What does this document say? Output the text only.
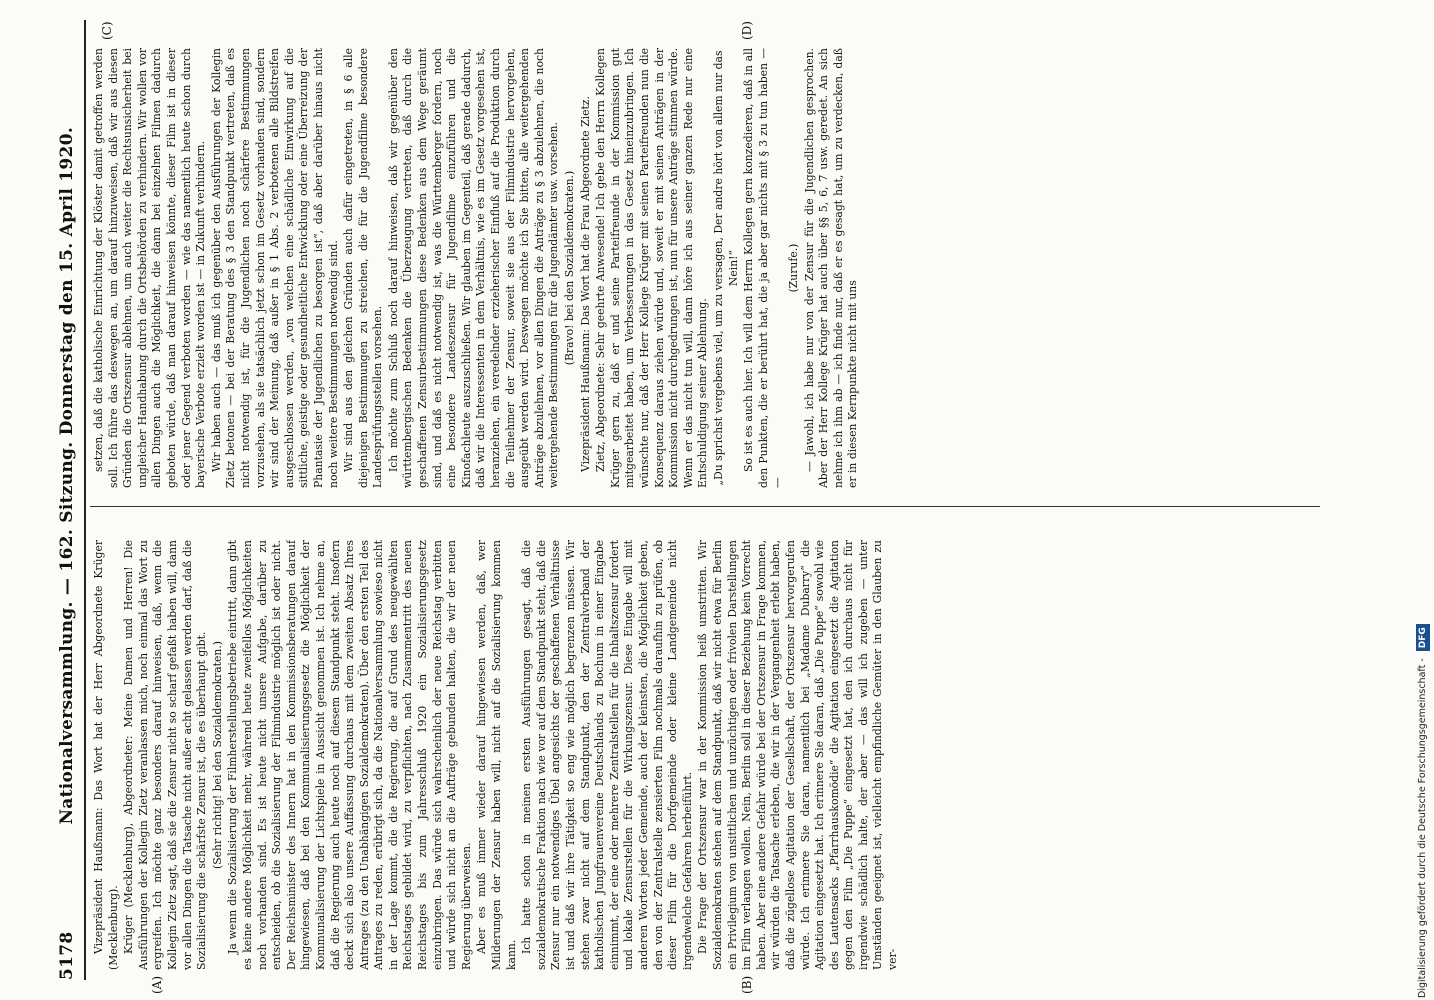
5178
Nationalversammlung. — 162. Sitzung. Donnerstag den 15. April 1920.
(A)	(B)
(C)	(D)

Vizepräsident Haußmann: Das Wort hat der Herr Abgeordnete Krüger (Mecklenburg). Krüger (Mecklenburg), Abgeordneter: Meine Damen und Herren! Die Ausführungen der Kollegin Zietz veranlassen mich, noch einmal das Wort zu ergreifen. Ich möchte ganz besonders darauf hinweisen, daß, wenn die Kollegin Zietz sagt, daß sie die Zensur nicht so scharf gefaßt haben will, dann vor allen Dingen die Tatsache nicht außer acht gelassen werden darf, daß die Sozialisierung die schärfste Zensur ist, die es überhaupt gibt. (Sehr richtig! bei den Sozialdemokraten.) Ja wenn die Sozialisierung der Filmherstellungsbetriebe eintritt, dann gibt es keine andere Möglichkeit mehr, während heute zweifellos Möglichkeiten noch vorhanden sind. Es ist heute nicht unsere Aufgabe, darüber zu entscheiden, ob die Sozialisierung der Filmindustrie möglich ist oder nicht. Der Reichsminister des Innern hat in den Kommissionsberatungen darauf hingewiesen, daß bei den Kommunalisierungsgesetz die Möglichkeit der Kommunalisierung der Lichtspiele in Aussicht genommen ist. Ich nehme an, daß die Regierung auch heute noch auf diesem Standpunkt steht. Insofern deckt sich also unsere Auffassung durchaus mit dem zweiten Absatz Ihres Antrages (zu den Unabhängigen Sozialdemokraten). Über den ersten Teil des Antrages zu reden, erübrigt sich, da die Nationalversammlung sowieso nicht in der Lage kommt, die die Regierung, die auf Grund des neugewählten Reichstages gebildet wird, zu verpflichten, nach Zusammentritt des neuen Reichstages bis zum Jahresschluß 1920 ein Sozialisierungsgesetz einzubringen. Das würde sich wahrscheinlich der neue Reichstag verbitten und würde sich nicht an die Aufträge gebunden halten, die wir der neuen Regierung überweisen. Aber es muß immer wieder darauf hingewiesen werden, daß, wer Milderungen der Zensur haben will, nicht auf die Sozialisierung kommen kann.

Ich hatte schon in meinen ersten Ausführungen gesagt, daß die sozialdemokratische Fraktion nach wie vor auf dem Standpunkt steht, daß die Zensur nur ein notwendiges Übel angesichts der geschaffenen Verhältnisse ist und daß wir ihre Tätigkeit so eng wie möglich begrenzen müssen. Wir stehen zwar nicht auf dem Standpunkt, den der Zentralverband der katholischen Jungfrauenvereine Deutschlands zu Bochum in einer Eingabe einnimmt, der eine oder mehrere Zentralstellen für die Inhaltszensur fordert und lokale Zensurstellen für die Wirkungszensur. Diese Eingabe will mit anderen Worten jeder Gemeinde, auch der kleinsten, die Möglichkeit geben, den von der Zentralstelle zensierten Film nochmals daraufhin zu prüfen, ob dieser Film für die Dorfgemeinde oder kleine Landgemeinde nicht irgendwelche Gefahren herbeiführt. Die Frage der Ortszensur war in der Kommission heiß umstritten. Wir Sozialdemokraten stehen auf dem Standpunkt, daß wir nicht etwa für Berlin ein Privilegium von unsittlichen und unzüchtigen oder frivolen Darstellungen im Film verlangen wollen. Nein, Berlin soll in dieser Beziehung kein Vorrecht haben. Aber eine andere Gefahr würde bei der Ortszensur in Frage kommen, wir würden die Tatsache erleben, die wir in der Vergangenheit erlebt haben, daß die zügellose Agitation der Gesellschaft, der Ortszensur hervorgerufen würde. Ich erinnere Sie daran, namentlich bei „Madame Dubarry“ die Agitation eingesetzt hat. Ich erinnere Sie daran, daß „Die Puppe“ sowohl wie des Lautensacks „Pfarrhauskomödie“ die Agitation eingesetzt die Agitation gegen den Film „Die Puppe“ eingesetzt hat, den ich durchaus nicht für irgendwie schädlich halte, der aber — das will ich zugeben — unter Umständen geeignet ist, vielleicht empfindliche Gemüter in den Glauben zu ver-

setzen, daß die katholische Einrichtung der Klöster damit getroffen werden soll. Ich führe das deswegen an, um darauf hinzuweisen, daß wir aus diesen Gründen die Ortszensur ablehnen, um auch weiter die Rechtsunsicherheit bei ungleicher Handhabung durch die Ortsbehörden zu verhindern. Wir wollen vor allen Dingen auch die Möglichkeit, die dann bei einzelnen Filmen dadurch geboten würde, daß man darauf hinweisen könnte, dieser Film ist in dieser oder jener Gegend verboten worden — wie das namentlich heute schon durch bayerische Verbote erzielt worden ist — in Zukunft verhindern. Wir haben auch — das muß ich gegenüber den Ausführungen der Kollegin Zietz betonen — bei der Beratung des § 3 den Standpunkt vertreten, daß es nicht notwendig ist, für die Jugendlichen noch schärfere Bestimmungen vorzusehen, als sie tatsächlich jetzt schon im Gesetz vorhanden sind, sondern wir sind der Meinung, daß außer in § 1 Abs. 2 verbotenen alle Bildstreifen ausgeschlossen werden, „von welchen eine schädliche Einwirkung auf die sittliche, geistige oder gesundheitliche Entwicklung oder eine Überreizung der Phantasie der Jugendlichen zu besorgen ist“, daß aber darüber hinaus nicht noch weitere Bestimmungen notwendig sind. Wir sind aus den gleichen Gründen auch dafür eingetreten, in § 6 alle diejenigen Bestimmungen zu streichen, die für die Jugendfilme besondere Landesprüfungsstellen vorsehen. Ich möchte zum Schluß noch darauf hinweisen, daß wir gegenüber den württembergischen Bedenken die Überzeugung vertreten, daß durch die geschaffenen Zensurbestimmungen diese Bedenken aus dem Wege geräumt sind, und daß es nicht notwendig ist, was die Württemberger fordern, noch eine besondere Landeszensur für Jugendfilme einzuführen und die Kinofachleute auszuschließen. Wir glauben im Gegenteil, daß gerade dadurch, daß wir die Interessenten in dem Verhältnis, wie es im Gesetz vorgesehen ist, heranziehen, ein veredelnder erzieherischer Einfluß auf die Produktion durch die Teilnehmer der Zensur, soweit sie aus der Filmindustrie hervorgehen, ausgeübt werden wird. Deswegen möchte ich Sie bitten, alle weitergehenden Anträge abzulehnen, vor allen Dingen die Anträge zu § 3 abzulehnen, die noch weitergehende Bestimmungen für die Jugendämter usw. vorsehen. (Bravo! bei den Sozialdemokraten.) Vizepräsident Haußmann: Das Wort hat die Frau Abgeordnete Zietz. Zietz, Abgeordnete: Sehr geehrte Anwesende! Ich gebe den Herrn Kollegen Krüger gern zu, daß er und seine Parteifreunde in der Kommission gut mitgearbeitet haben, um Verbesserungen in das Gesetz hineinzubringen. Ich wünschte nur, daß der Herr Kollege Krüger mit seinen Parteifreunden nun die Konsequenz daraus ziehen würde und, soweit er mit seinen Anträgen in der Kommission nicht durchgedrungen ist, nun für unsere Anträge stimmen würde. Wenn er das nicht tun will, dann höre ich aus seiner ganzen Rede nur eine Entschuldigung seiner Ablehnung. „Du sprichst vergebens viel, um zu versagen, Der andre hört von allem nur das Nein!“ So ist es auch hier. Ich will dem Herrn Kollegen gern konzedieren, daß in all den Punkten, die er berührt hat, die ja aber gar nichts mit § 3 zu tun haben — —

(Zurufe.) — Jawohl, ich habe nur von der Zensur für die Jugendlichen gesprochen. Aber der Herr Kollege Krüger hat auch über §§ 5, 6, 7 usw. geredet. An sich nehme ich ihm ab — ich finde nur, daß er es gesagt hat, um zu verdecken, daß er in diesen Kernpunkte nicht mit uns

Digitalisierung gefördert durch die Deutsche Forschungsgemeinschaft - DFG
